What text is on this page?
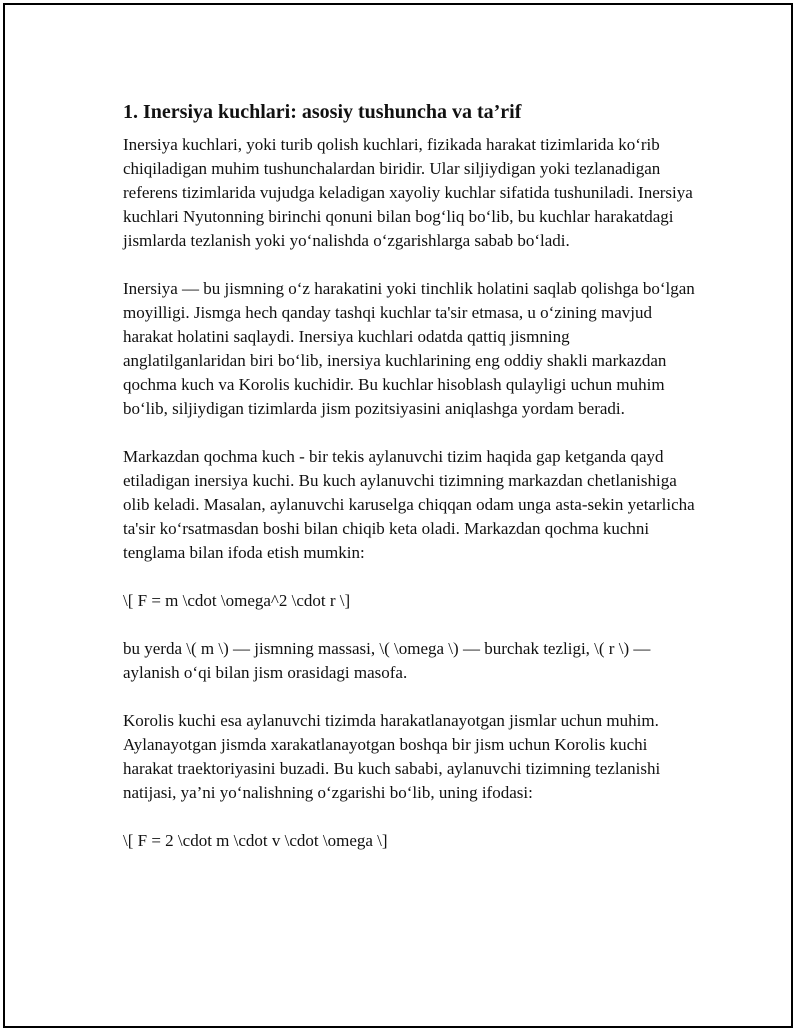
1. Inersiya kuchlari: asosiy tushuncha va ta’rif

Inersiya kuchlari, yoki turib qolish kuchlari, fizikada harakat tizimlarida ko‘rib chiqiladigan muhim tushunchalardan biridir. Ular siljiydigan yoki tezlanadigan referens tizimlarida vujudga keladigan xayoliy kuchlar sifatida tushuniladi. Inersiya kuchlari Nyutonning birinchi qonuni bilan bog‘liq bo‘lib, bu kuchlar harakatdagi jismlarda tezlanish yoki yo‘nalishda o‘zgarishlarga sabab bo‘ladi.

Inersiya — bu jismning o‘z harakatini yoki tinchlik holatini saqlab qolishga bo‘lgan moyilligi. Jismga hech qanday tashqi kuchlar ta'sir etmasa, u o‘zining mavjud harakat holatini saqlaydi. Inersiya kuchlari odatda qattiq jismning anglatilganlaridan biri bo‘lib, inersiya kuchlarining eng oddiy shakli markazdan qochma kuch va Korolis kuchidir. Bu kuchlar hisoblash qulayligi uchun muhim bo‘lib, siljiydigan tizimlarda jism pozitsiyasini aniqlashga yordam beradi.

Markazdan qochma kuch - bir tekis aylanuvchi tizim haqida gap ketganda qayd etiladigan inersiya kuchi. Bu kuch aylanuvchi tizimning markazdan chetlanishiga olib keladi. Masalan, aylanuvchi karuselga chiqqan odam unga asta-sekin yetarlicha ta'sir ko‘rsatmasdan boshi bilan chiqib keta oladi. Markazdan qochma kuchni tenglama bilan ifoda etish mumkin:

\[ F = m \cdot \omega^2 \cdot r \]

bu yerda \( m \) — jismning massasi, \( \omega \) — burchak tezligi, \( r \) — aylanish o‘qi bilan jism orasidagi masofa.

Korolis kuchi esa aylanuvchi tizimda harakatlanayotgan jismlar uchun muhim. Aylanayotgan jismda xarakatlanayotgan boshqa bir jism uchun Korolis kuchi harakat traektoriyasini buzadi. Bu kuch sababi, aylanuvchi tizimning tezlanishi natijasi, ya’ni yo‘nalishning o‘zgarishi bo‘lib, uning ifodasi:

\[ F = 2 \cdot m \cdot v \cdot \omega \]
